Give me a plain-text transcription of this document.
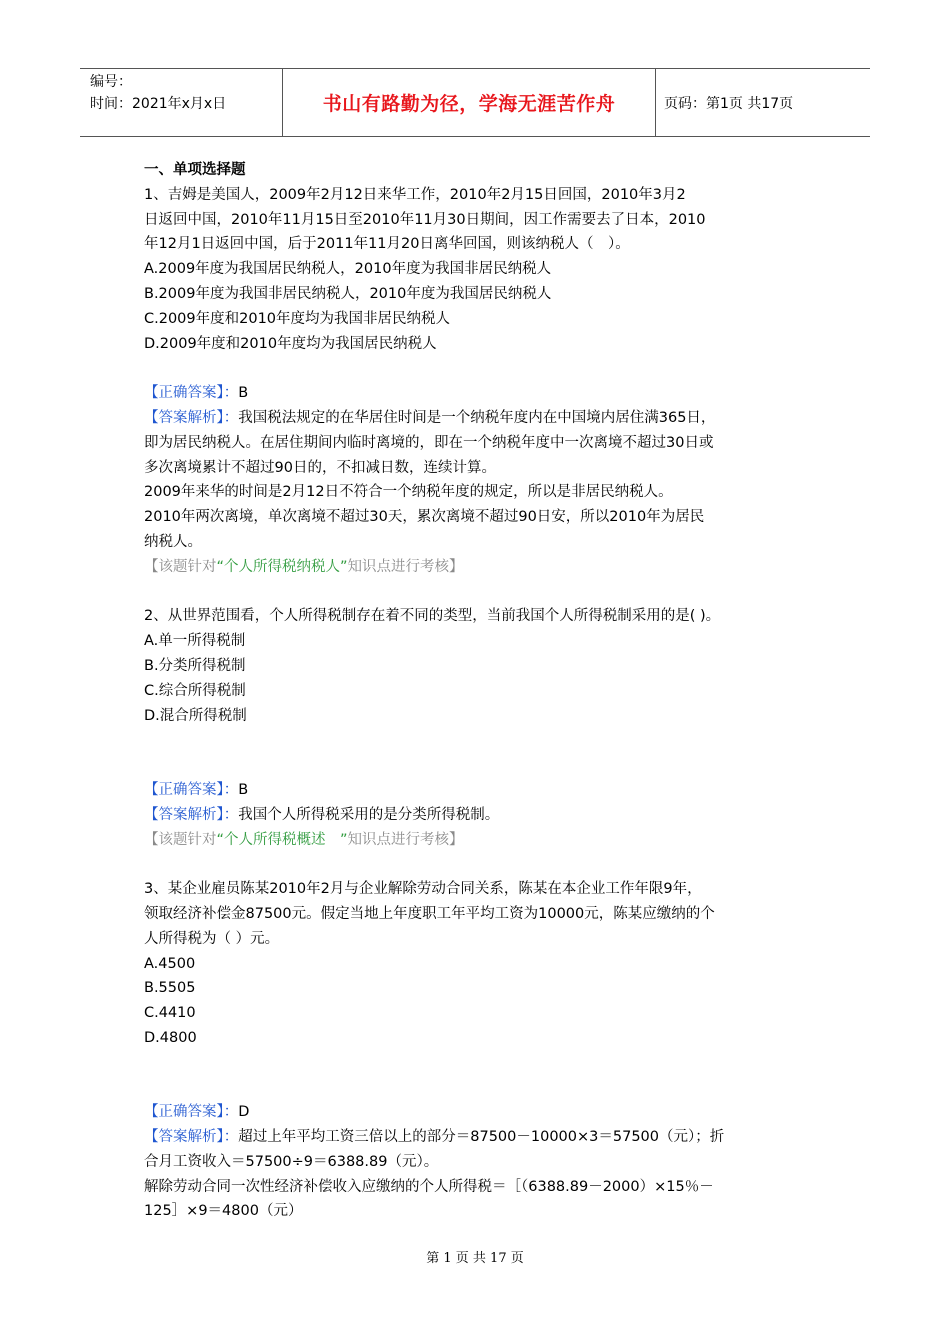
编号：
时间：2021年x月x日	书山有路勤为径，学海无涯苦作舟	页码：第1页 共17页
一、单项选择题
1、吉姆是美国人，2009年2月12日来华工作，2010年2月15日回国，2010年3月2
日返回中国，2010年11月15日至2010年11月30日期间，因工作需要去了日本，2010
年12月1日返回中国，后于2011年11月20日离华回国，则该纳税人（　）。
A.2009年度为我国居民纳税人，2010年度为我国非居民纳税人
B.2009年度为我国非居民纳税人，2010年度为我国居民纳税人
C.2009年度和2010年度均为我国非居民纳税人
D.2009年度和2010年度均为我国居民纳税人
【正确答案】：B
【答案解析】：我国税法规定的在华居住时间是一个纳税年度内在中国境内居住满365日，
即为居民纳税人。在居住期间内临时离境的，即在一个纳税年度中一次离境不超过30日或
多次离境累计不超过90日的，不扣减日数，连续计算。
2009年来华的时间是2月12日不符合一个纳税年度的规定，所以是非居民纳税人。
2010年两次离境，单次离境不超过30天，累次离境不超过90日安，所以2010年为居民
纳税人。
【该题针对“个人所得税纳税人”知识点进行考核】
2、从世界范围看，个人所得税制存在着不同的类型，当前我国个人所得税制采用的是( )。
A.单一所得税制
B.分类所得税制
C.综合所得税制
D.混合所得税制
【正确答案】：B
【答案解析】：我国个人所得税采用的是分类所得税制。
【该题针对“个人所得税概述　”知识点进行考核】
3、某企业雇员陈某2010年2月与企业解除劳动合同关系，陈某在本企业工作年限9年，
领取经济补偿金87500元。假定当地上年度职工年平均工资为10000元，陈某应缴纳的个
人所得税为（ ）元。
A.4500
B.5505
C.4410
D.4800
【正确答案】：D
【答案解析】：超过上年平均工资三倍以上的部分＝87500－10000×3＝57500（元）；折
合月工资收入＝57500÷9＝6388.89（元）。
解除劳动合同一次性经济补偿收入应缴纳的个人所得税＝［（6388.89－2000）×15％－
125］×9＝4800（元）
第 1 页 共 17 页
